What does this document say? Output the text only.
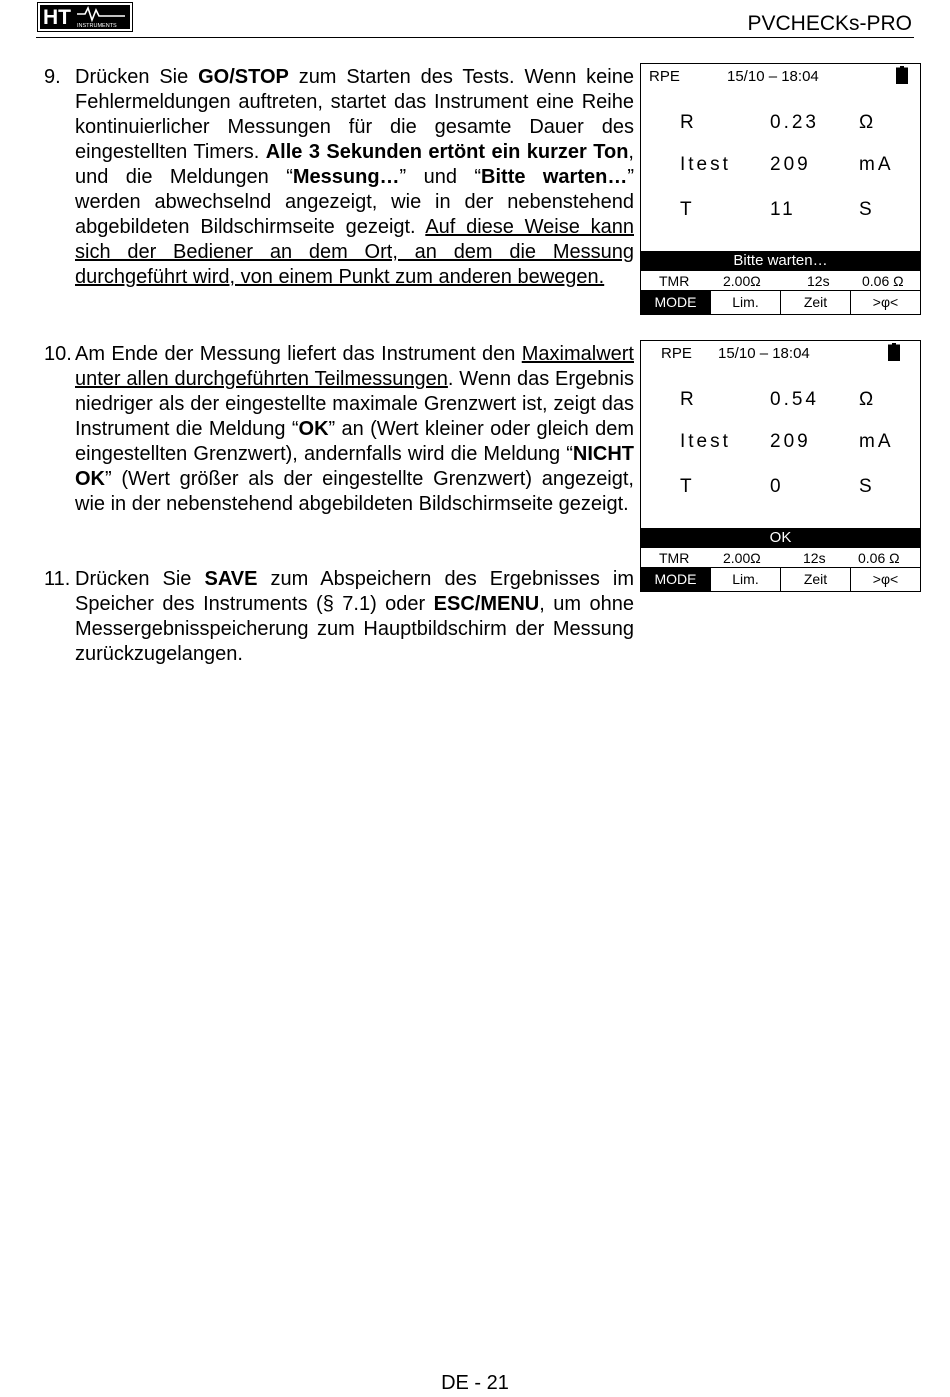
HT INSTRUMENTS	PVCHECKs-PRO
9. Drücken Sie GO/STOP zum Starten des Tests. Wenn keine Fehlermeldungen auftreten, startet das Instrument eine Reihe kontinuierlicher Messungen für die gesamte Dauer des eingestellten Timers. Alle 3 Sekunden ertönt ein kurzer Ton, und die Meldungen “Messung…” und “Bitte warten…” werden abwechselnd angezeigt, wie in der nebenstehend abgebildeten Bildschirmseite gezeigt. Auf diese Weise kann sich der Bediener an dem Ort, an dem die Messung durchgeführt wird, von einem Punkt zum anderen bewegen.
10. Am Ende der Messung liefert das Instrument den Maximalwert unter allen durchgeführten Teilmessungen. Wenn das Ergebnis niedriger als der eingestellte maximale Grenzwert ist, zeigt das Instrument die Meldung “OK” an (Wert kleiner oder gleich dem eingestellten Grenzwert), andernfalls wird die Meldung “NICHT OK” (Wert größer als der eingestellte Grenzwert) angezeigt, wie in der nebenstehend abgebildeten Bildschirmseite gezeigt.
11. Drücken Sie SAVE zum Abspeichern des Ergebnisses im Speicher des Instruments (§ 7.1) oder ESC/MENU, um ohne Messergebnisspeicherung zum Hauptbildschirm der Messung zurückzugelangen.
RPE	15/10 – 18:04
R	0.23 Ω
Itest 209	mA
T	11	S
Bitte warten…
TMR 2.00Ω	12s 0.06 Ω
MODE	Lim.	Zeit	>φ<
RPE 15/10 – 18:04
R	0.54 Ω
Itest 209	mA
T	0	S
OK
TMR 2.00Ω	12s 0.06 Ω
MODE	Lim.	Zeit	>φ<
DE - 21
